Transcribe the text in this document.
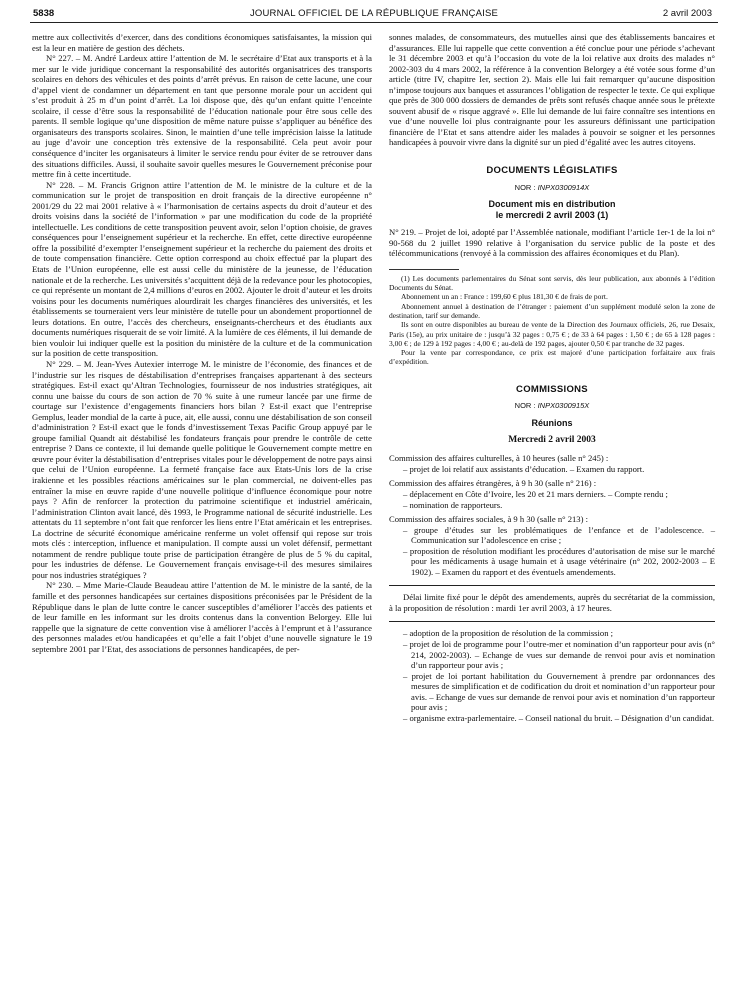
5838	JOURNAL OFFICIEL DE LA RÉPUBLIQUE FRANÇAISE	2 avril 2003

mettre aux collectivités d’exercer, dans des conditions économiques satisfaisantes, la mission qui est la leur en matière de gestion des déchets.

N° 227. – M. André Lardeux attire l’attention de M. le secrétaire d’Etat aux transports et à la mer sur le vide juridique concernant la responsabilité des autorités organisatrices des transports scolaires en dehors des véhicules et des points d’arrêt prévus. En raison de cette lacune, une cour d’appel vient de condamner un département en tant que personne morale pour un accident qui s’est produit à 25 m d’un point d’arrêt. La loi dispose que, dès qu’un enfant quitte l’enceinte scolaire, il cesse d’être sous la responsabilité de l’éducation nationale pour être sous celle des parents. Il semble logique qu’une disposition de même nature puisse s’appliquer au bénéfice des organisateurs des transports scolaires. Sinon, le maintien d’une telle imprécision laisse la latitude au juge d’avoir une conception très extensive de la responsabilité. Cela peut avoir pour conséquence d’inciter les organisateurs à limiter le service rendu pour éviter de se retrouver dans des situations difficiles. Aussi, il souhaite savoir quelles mesures le Gouvernement préconise pour mettre fin à cette incertitude.

N° 228. – M. Francis Grignon attire l’attention de M. le ministre de la culture et de la communication sur le projet de transposition en droit français de la directive européenne n° 2001/29 du 22 mai 2001 relative à « l’harmonisation de certains aspects du droit d’auteur et des droits voisins dans la société de l’information » par une modification du code de la propriété intellectuelle. Les conditions de cette transposition peuvent avoir, selon l’option choisie, de graves conséquences pour l’enseignement supérieur et la recherche. En effet, cette directive européenne offre la possibilité d’exempter l’enseignement supérieur et la recherche du paiement des droits et de toute compensation financière. Cette option correspond au choix effectué par la plupart des Etats de l’Union européenne, elle est aussi celle du ministère de la jeunesse, de l’éducation nationale et de la recherche. Les universités s’acquittent déjà de la redevance pour les photocopies, ce qui représente un montant de 2,4 millions d’euros en 2002. Ajouter le droit d’auteur et les droits voisins pour les documents numériques alourdirait les charges financières des universités, et les établissements se tourneraient vers leur ministère de tutelle pour un abondement proportionnel de leurs dotations. En outre, l’accès des chercheurs, enseignants-chercheurs et des étudiants aux documents numériques risquerait de se voir limité. A la lumière de ces éléments, il lui demande de bien vouloir lui indiquer quelle est la position du ministère de la culture et de la communication sur la position de cette transposition.

N° 229. – M. Jean-Yves Autexier interroge M. le ministre de l’économie, des finances et de l’industrie sur les risques de déstabilisation d’entreprises françaises appartenant à des secteurs stratégiques. Est-il exact qu’Altran Technologies, fournisseur de nos industries stratégiques, ait connu une baisse du cours de son action de 70 % suite à une rumeur lancée par une firme de courtage sur l’existence d’engagements financiers hors bilan ? Est-il exact que l’entreprise Gemplus, leader mondial de la carte à puce, ait, elle aussi, connu une déstabilisation de son conseil d’administration ? Est-il exact que le fonds d’investissement Texas Pacific Group appuyé par le groupe familial Quandt ait déstabilisé les fondateurs français pour prendre le contrôle de cette entreprise ? Dans ce contexte, il lui demande quelle politique le Gouvernement compte mettre en œuvre pour éviter la déstabilisation d’entreprises vitales pour le développement de notre pays ainsi que celui de l’Union européenne. La fermeté française face aux Etats-Unis lors de la crise irakienne et les possibles réactions américaines sur le plan commercial, ne doivent-elles pas entraîner la mise en œuvre rapide d’une nouvelle politique d’influence économique pour notre pays ? Afin de renforcer la protection du patrimoine scientifique et industriel américain, l’administration Clinton avait lancé, dès 1993, le Programme national de sécurité industrielle. Les attentats du 11 septembre n’ont fait que renforcer les liens entre l’Etat américain et les entreprises. La doctrine de sécurité économique américaine renferme un volet offensif qui repose sur trois mots clés : interception, influence et manipulation. Il compte aussi un volet défensif, permettant notamment de rendre publique toute prise de participation étrangère de plus de 5 % du capital, pour les industries de défense. Le Gouvernement français envisage-t-il des mesures similaires pour nos industries stratégiques ?

N° 230. – Mme Marie-Claude Beaudeau attire l’attention de M. le ministre de la santé, de la famille et des personnes handicapées sur certaines dispositions préconisées par le Président de la République dans le plan de lutte contre le cancer susceptibles d’améliorer l’accès des patients et de leur famille en les informant sur les droits contenus dans la convention Belorgey. Elle lui rappelle que la signature de cette convention vise à améliorer l’accès à l’emprunt et à l’assurance des personnes malades et/ou handicapées et qu’elle a fait l’objet d’une nouvelle signature le 19 septembre 2001 par l’Etat, des associations de personnes handicapées, de per-

sonnes malades, de consommateurs, des mutuelles ainsi que des établissements bancaires et d’assurances. Elle lui rappelle que cette convention a été conclue pour une période s’achevant le 31 décembre 2003 et qu’à l’occasion du vote de la loi relative aux droits des malades n° 2002-303 du 4 mars 2002, la référence à la convention Belorgey a été votée sous forme d’un article (titre IV, chapitre Ier, section 2). Mais elle lui fait remarquer qu’aucune disposition n’impose toujours aux banques et assurances l’obligation de respecter le texte. Ce qui explique que près de 300 000 dossiers de demandes de prêts sont refusés chaque année sous le prétexte souvent abusif de « risque aggravé ». Elle lui demande de lui faire connaître ses intentions en vue d’une nouvelle loi plus contraignante pour les assureurs définissant une participation financière de l’Etat et sans attendre aider les malades à pouvoir se soigner et les personnes handicapées à pouvoir vivre dans la dignité sur un pied d’égalité avec les autres citoyens.

DOCUMENTS LÉGISLATIFS
NOR : INPX0300914X
Document mis en distribution
le mercredi 2 avril 2003 (1)

N° 219. – Projet de loi, adopté par l’Assemblée nationale, modifiant l’article 1er-1 de la loi n° 90-568 du 2 juillet 1990 relative à l’organisation du service public de la poste et des télécommunications (renvoyé à la commission des affaires économiques et du Plan).

(1) Les documents parlementaires du Sénat sont servis, dès leur publication, aux abonnés à l’édition Documents du Sénat.

Abonnement un an : France : 199,60 € plus 181,30 € de frais de port.

Abonnement annuel à destination de l’étranger : paiement d’un supplément modulé selon la zone de destination, tarif sur demande.

Ils sont en outre disponibles au bureau de vente de la Direction des Journaux officiels, 26, rue Desaix, Paris (15e), au prix unitaire de : jusqu’à 32 pages : 0,75 € ; de 33 à 64 pages : 1,50 € ; de 65 à 128 pages : 3,00 € ; de 129 à 192 pages : 4,00 € ; au-delà de 192 pages, ajouter 0,50 € par tranche de 32 pages.

Pour la vente par correspondance, ce prix est majoré d’une participation forfaitaire aux frais d’expédition.

COMMISSIONS
NOR : INPX0300915X
Réunions
Mercredi 2 avril 2003

Commission des affaires culturelles, à 10 heures (salle n° 245) :

– projet de loi relatif aux assistants d’éducation. – Examen du rapport.

Commission des affaires étrangères, à 9 h 30 (salle n° 216) :

– déplacement en Côte d’Ivoire, les 20 et 21 mars derniers. – Compte rendu ;

– nomination de rapporteurs.

Commission des affaires sociales, à 9 h 30 (salle n° 213) :

– groupe d’études sur les problématiques de l’enfance et de l’adolescence. – Communication sur l’adolescence en crise ;

– proposition de résolution modifiant les procédures d’autorisation de mise sur le marché pour les médicaments à usage humain et à usage vétérinaire (n° 202, 2002-2003 – E 1902). – Examen du rapport et des éventuels amendements.

Délai limite fixé pour le dépôt des amendements, auprès du secrétariat de la commission, à la proposition de résolution : mardi 1er avril 2003, à 17 heures.

– adoption de la proposition de résolution de la commission ;

– projet de loi de programme pour l’outre-mer et nomination d’un rapporteur pour avis (n° 214, 2002-2003). – Echange de vues sur demande de renvoi pour avis et nomination d’un rapporteur pour avis ;

– projet de loi portant habilitation du Gouvernement à prendre par ordonnances des mesures de simplification et de codification du droit et nomination d’un rapporteur pour avis. – Echange de vues sur demande de renvoi pour avis et nomination d’un rapporteur pour avis ;

– organisme extra-parlementaire. – Conseil national du bruit. – Désignation d’un candidat.
